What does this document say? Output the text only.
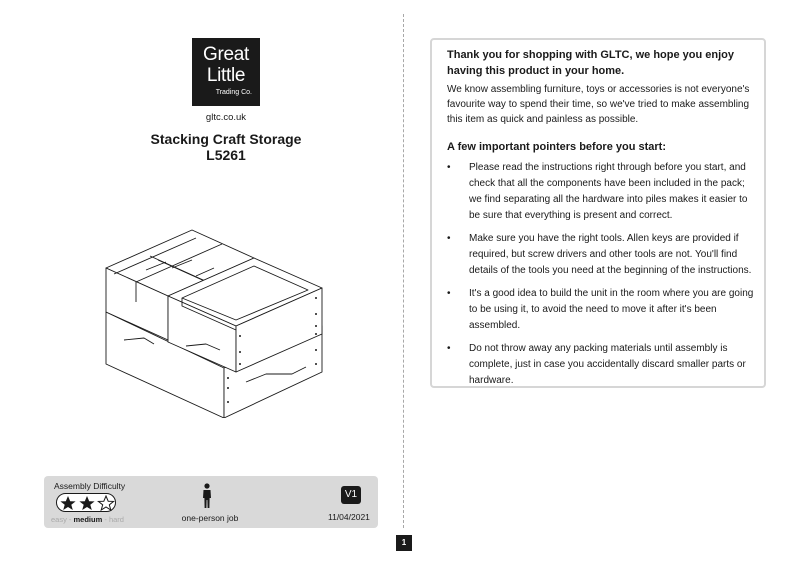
Great
Little
Trading Co.
gltc.co.uk
Stacking Craft Storage
L5261
Assembly Difficulty
easy - medium - hard	one-person job
V1
11/04/2021
1
Thank you for shopping with GLTC, we hope you enjoy having this product in your home.
We know assembling furniture, toys or accessories is not everyone's favourite way to spend their time, so we've tried to make assembling this item as quick and painless as possible.
A few important pointers before you start:
• Please read the instructions right through before you start, and check that all the components have been included in the pack; we find separating all the hardware into piles makes it easier to be sure that everything is present and correct.
• Make sure you have the right tools. Allen keys are provided if required, but screw drivers and other tools are not. You'll find details of the tools you need at the beginning of the instructions.
• It's a good idea to build the unit in the room where you are going to be using it, to avoid the need to move it after it's been assembled.
• Do not throw away any packing materials until assembly is complete, just in case you accidentally discard smaller parts or hardware.
